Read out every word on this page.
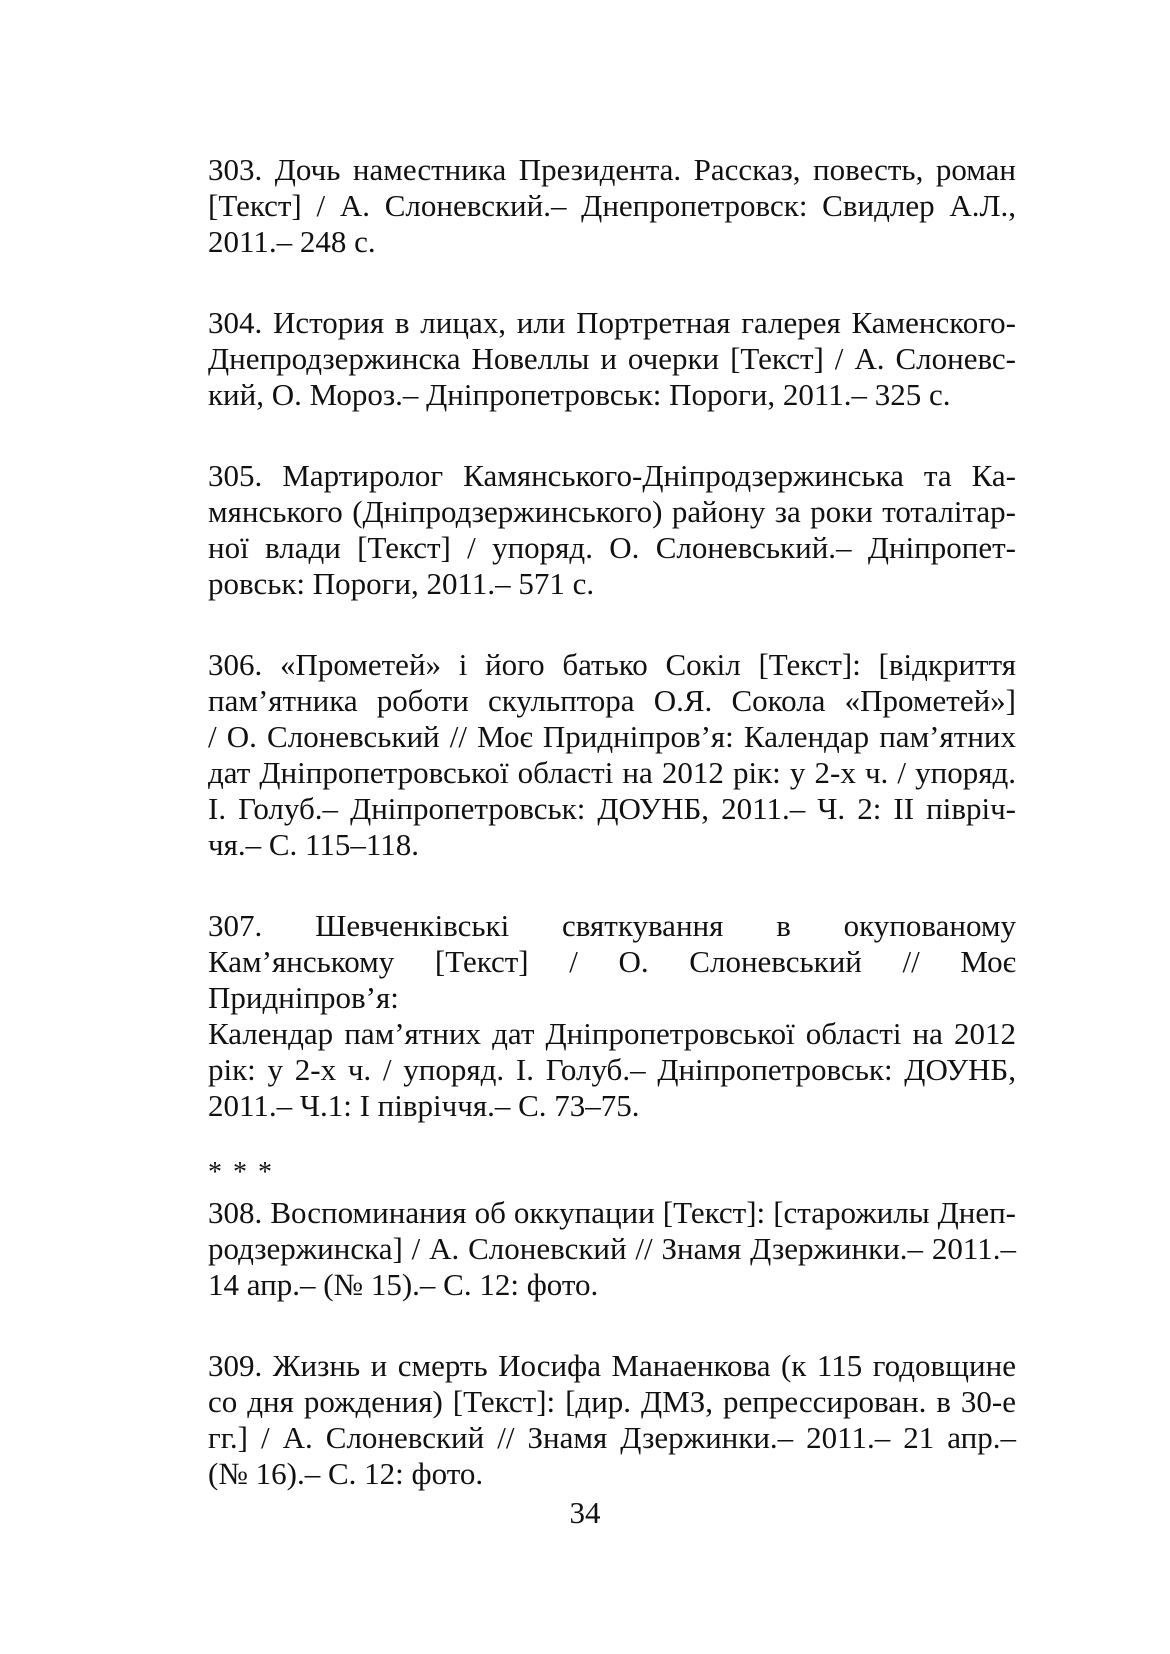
303. Дочь наместника Президента. Рассказ, повесть, роман
[Текст] / А. Слоневский.– Днепропетровск: Свидлер А.Л.,
2011.– 248 с.
304. История в лицах, или Портретная галерея Каменского-
Днепродзержинска Новеллы и очерки [Текст] / А. Слоневс-
кий, О. Мороз.– Дніпропетровськ: Пороги, 2011.– 325 с.
305. Мартиролог Камянського-Дніпродзержинська та Ка-
мянського (Дніпродзержинського) району за роки тоталітар-
ної влади [Текст] / упоряд. О. Слоневський.– Дніпропет-
ровськ: Пороги, 2011.– 571 с.
306. «Прометей» і його батько Сокіл [Текст]: [відкриття
пам’ятника роботи скульптора О.Я. Сокола «Прометей»]
/ О. Слоневський // Моє Придніпров’я: Календар пам’ятних
дат Дніпропетровської області на 2012 рік: у 2-х ч. / упоряд.
І. Голуб.– Дніпропетровськ: ДОУНБ, 2011.– Ч. 2: ІІ півріч-
чя.– С. 115–118.
307. Шевченківські святкування в окупованому
Кам’янському [Текст] / О. Слоневський // Моє Придніпров’я:
Календар пам’ятних дат Дніпропетровської області на 2012
рік: у 2-х ч. / упоряд. І. Голуб.– Дніпропетровськ: ДОУНБ,
2011.– Ч.1: І півріччя.– С. 73–75.
* * *
308. Воспоминания об оккупации [Текст]: [старожилы Днеп-
родзержинска] / А. Слоневский // Знамя Дзержинки.– 2011.–
14 апр.– (№ 15).– С. 12: фото.
309. Жизнь и смерть Иосифа Манаенкова (к 115 годовщине
со дня рождения) [Текст]: [дир. ДМЗ, репрессирован. в 30-е
гг.] / А. Слоневский // Знамя Дзержинки.– 2011.– 21 апр.–
(№ 16).– С. 12: фото.
34
